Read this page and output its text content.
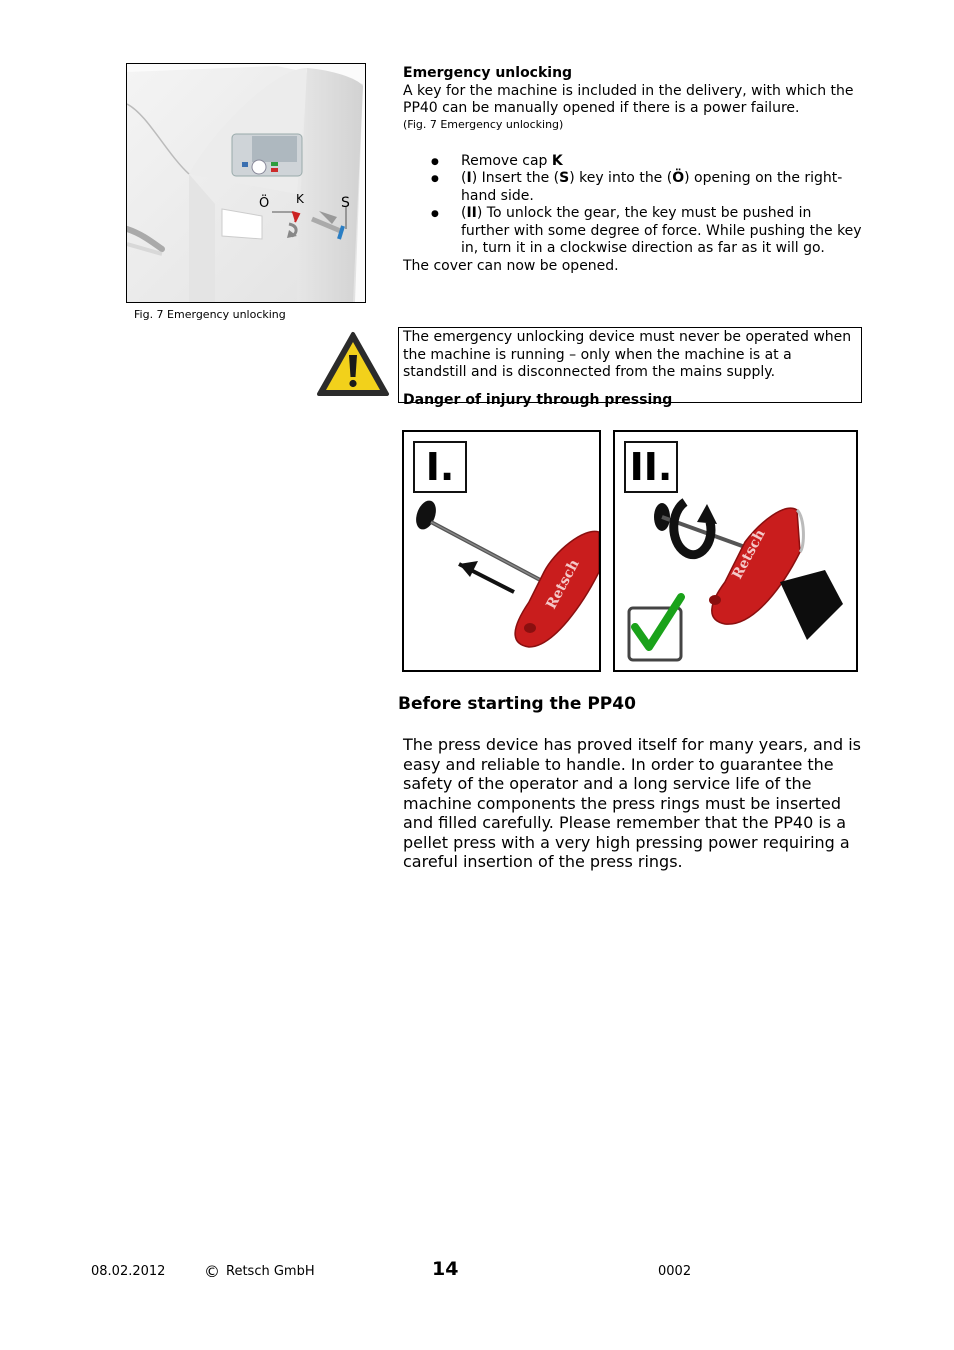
Ö K	S
Fig. 7 Emergency unlocking
Emergency unlocking
A key for the machine is included in the delivery, with which the PP40 can be manually opened if there is a power failure.
(Fig. 7 Emergency unlocking)
● Remove cap K
● (I) Insert the (S) key into the (Ö) opening on the right-hand side.
● (II) To unlock the gear, the key must be pushed in further with some degree of force. While pushing the key in, turn it in a clockwise direction as far as it will go.
The cover can now be opened.
The emergency unlocking device must never be operated when the machine is running – only when the machine is at a standstill and is disconnected from the mains supply.
Danger of injury through pressing
I.
Retsch
II.
Retsch
Before starting the PP40
The press device has proved itself for many years, and is easy and reliable to handle. In order to guarantee the safety of the operator and a long service life of the machine components the press rings must be inserted and filled carefully. Please remember that the PP40 is a pellet press with a very high pressing power requiring a careful insertion of the press rings.
08.02.2012 © Retsch GmbH	14	0002
